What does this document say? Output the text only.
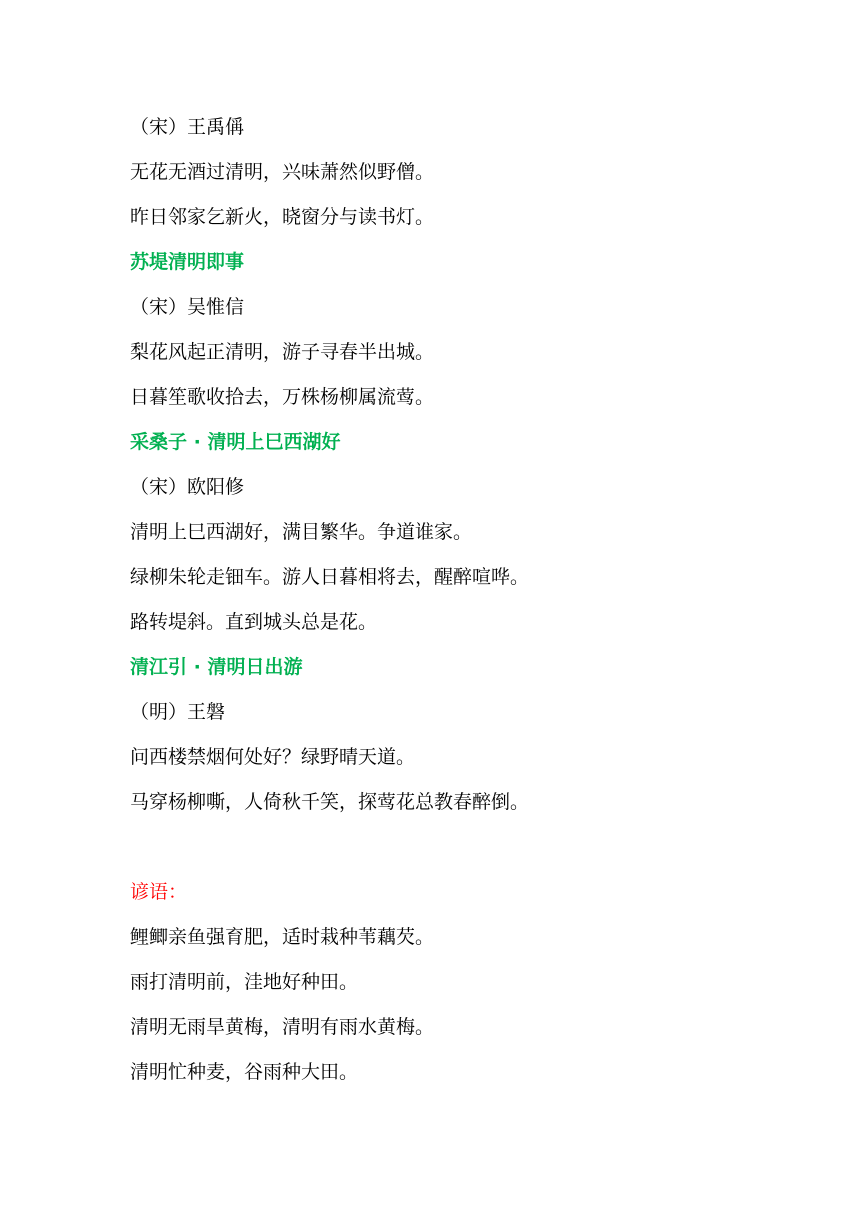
（宋）王禹偁
无花无酒过清明，兴味萧然似野僧。
昨日邻家乞新火，晓窗分与读书灯。
苏堤清明即事
（宋）吴惟信
梨花风起正清明，游子寻春半出城。
日暮笙歌收拾去，万株杨柳属流莺。
采桑子 · 清明上巳西湖好
（宋）欧阳修
清明上巳西湖好，满目繁华。争道谁家。
绿柳朱轮走钿车。游人日暮相将去，醒醉喧哗。
路转堤斜。直到城头总是花。
清江引 · 清明日出游
（明）王磐
问西楼禁烟何处好？绿野晴天道。
马穿杨柳嘶，人倚秋千笑，探莺花总教春醉倒。
谚语：
鲤鲫亲鱼强育肥，适时栽种苇藕芡。
雨打清明前，洼地好种田。
清明无雨旱黄梅，清明有雨水黄梅。
清明忙种麦，谷雨种大田。
